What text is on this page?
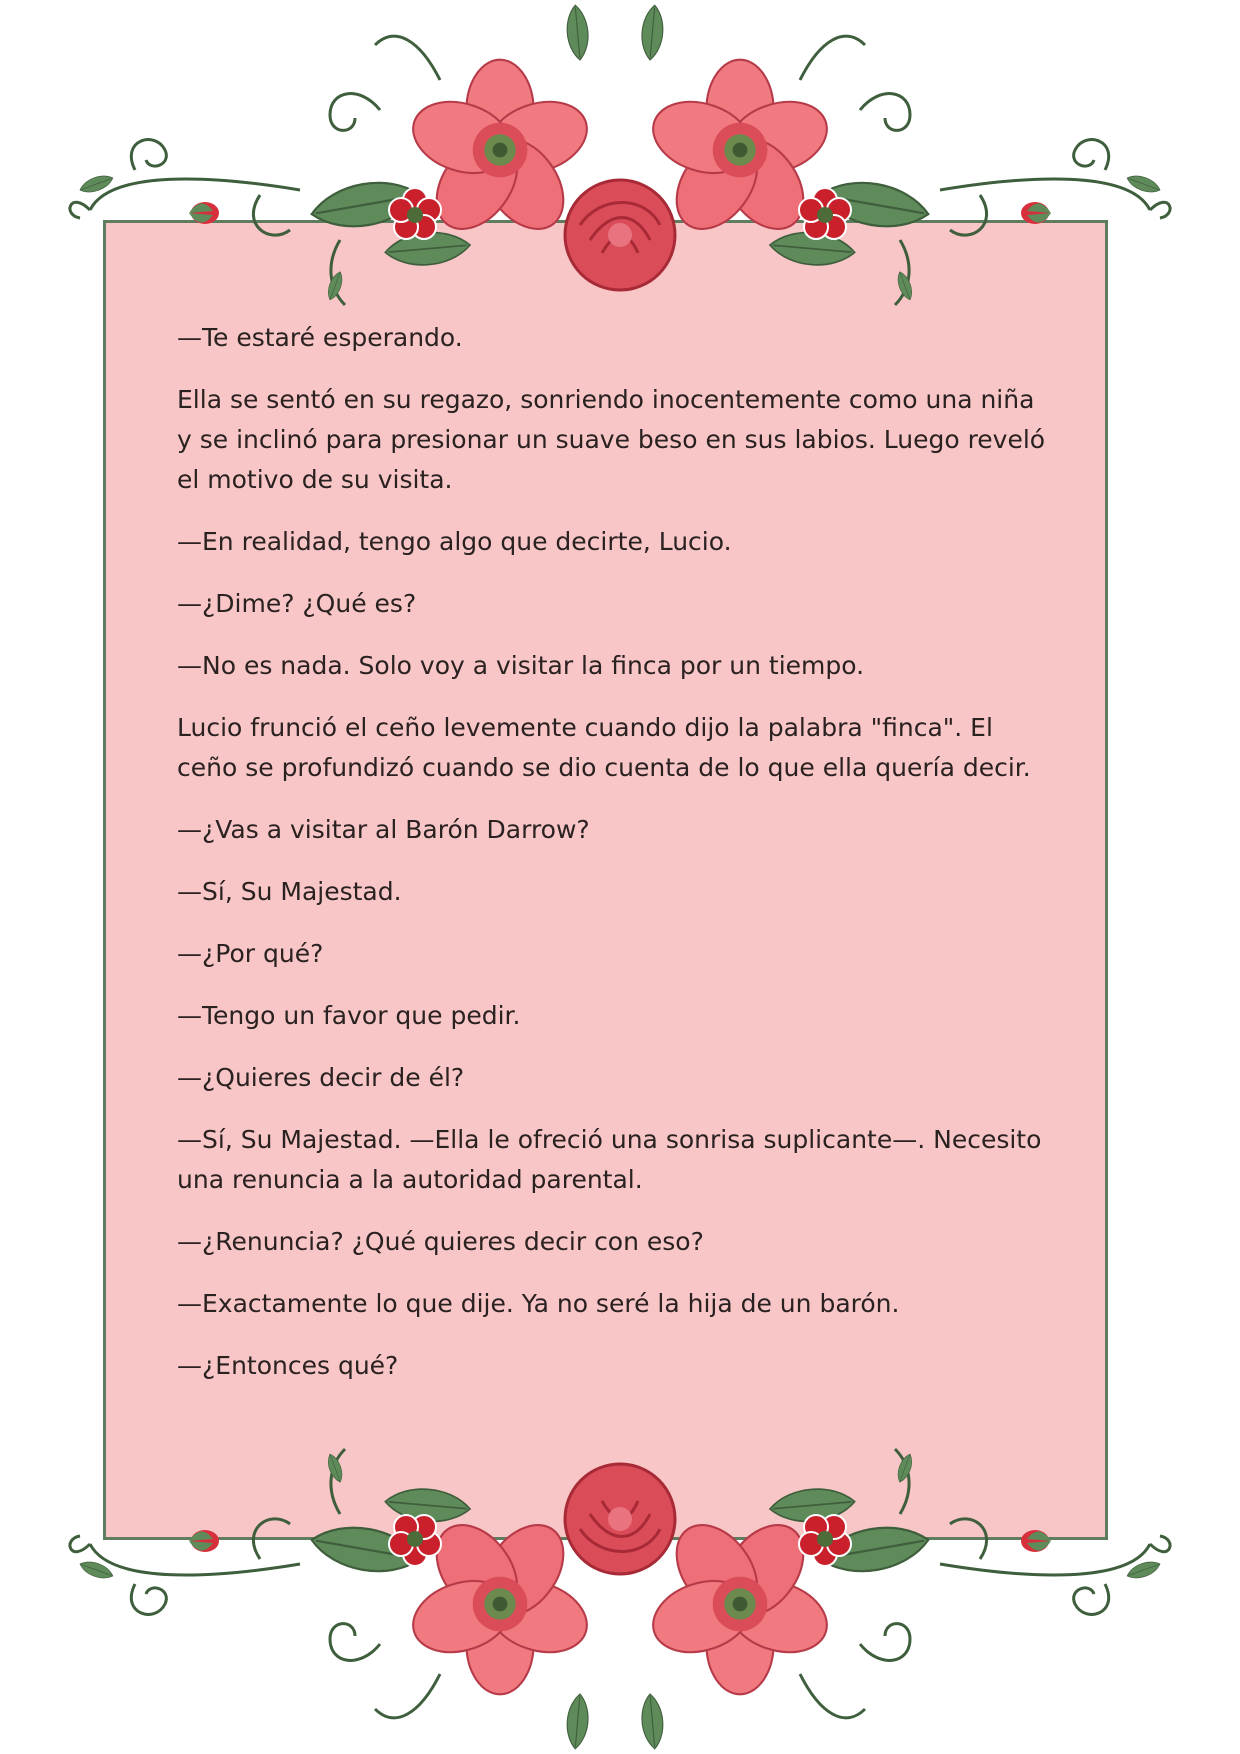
—Te estaré esperando.

Ella se sentó en su regazo, sonriendo inocentemente como una niña y se inclinó para presionar un suave beso en sus labios. Luego reveló el motivo de su visita.

—En realidad, tengo algo que decirte, Lucio.

—¿Dime? ¿Qué es?

—No es nada. Solo voy a visitar la finca por un tiempo.

Lucio frunció el ceño levemente cuando dijo la palabra "finca". El ceño se profundizó cuando se dio cuenta de lo que ella quería decir.

—¿Vas a visitar al Barón Darrow?

—Sí, Su Majestad.

—¿Por qué?

—Tengo un favor que pedir.

—¿Quieres decir de él?

—Sí, Su Majestad. —Ella le ofreció una sonrisa suplicante—. Necesito una renuncia a la autoridad parental.

—¿Renuncia? ¿Qué quieres decir con eso?

—Exactamente lo que dije. Ya no seré la hija de un barón.

—¿Entonces qué?
